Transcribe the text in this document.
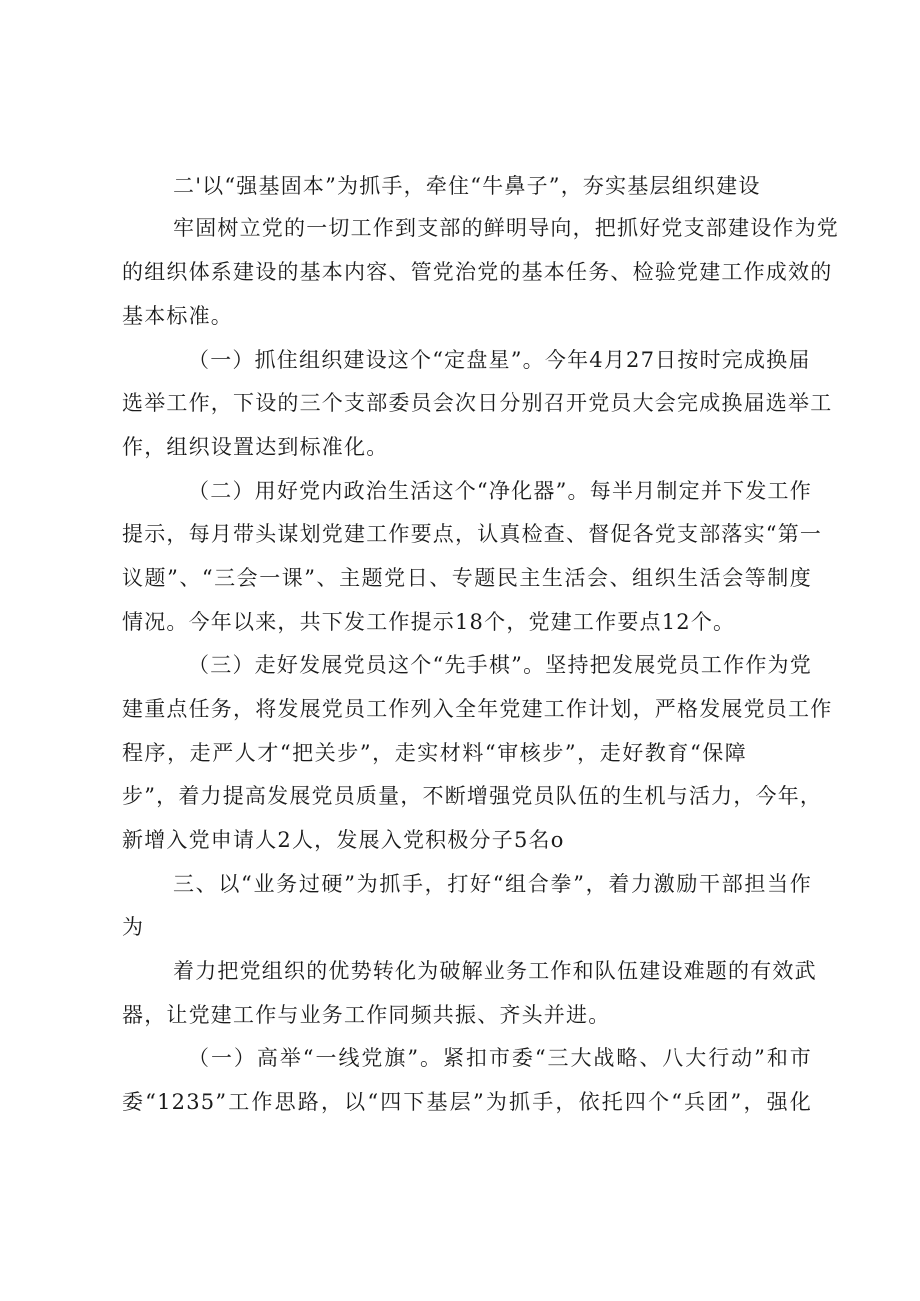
二'以“强基固本”为抓手，牵住“牛鼻子”，夯实基层组织建设
牢固树立党的一切工作到支部的鲜明导向，把抓好党支部建设作为党
的组织体系建设的基本内容、管党治党的基本任务、检验党建工作成效的
基本标准。
（一）抓住组织建设这个“定盘星”。今年4月27日按时完成换届
选举工作，下设的三个支部委员会次日分别召开党员大会完成换届选举工
作，组织设置达到标准化。
（二）用好党内政治生活这个“净化器”。每半月制定并下发工作
提示，每月带头谋划党建工作要点，认真检查、督促各党支部落实“第一
议题”、“三会一课”、主题党日、专题民主生活会、组织生活会等制度
情况。今年以来，共下发工作提示18个，党建工作要点12个。
（三）走好发展党员这个“先手棋”。坚持把发展党员工作作为党
建重点任务，将发展党员工作列入全年党建工作计划，严格发展党员工作
程序，走严人才“把关步”，走实材料“审核步”，走好教育“保障
步”，着力提高发展党员质量，不断增强党员队伍的生机与活力，今年，
新增入党申请人2人，发展入党积极分子5名o
三、以“业务过硬”为抓手，打好“组合拳”，着力激励干部担当作
为
着力把党组织的优势转化为破解业务工作和队伍建设难题的有效武
器，让党建工作与业务工作同频共振、齐头并进。
（一）高举“一线党旗”。紧扣市委“三大战略、八大行动”和市
委“1235”工作思路，以“四下基层”为抓手，依托四个“兵团”，强化
